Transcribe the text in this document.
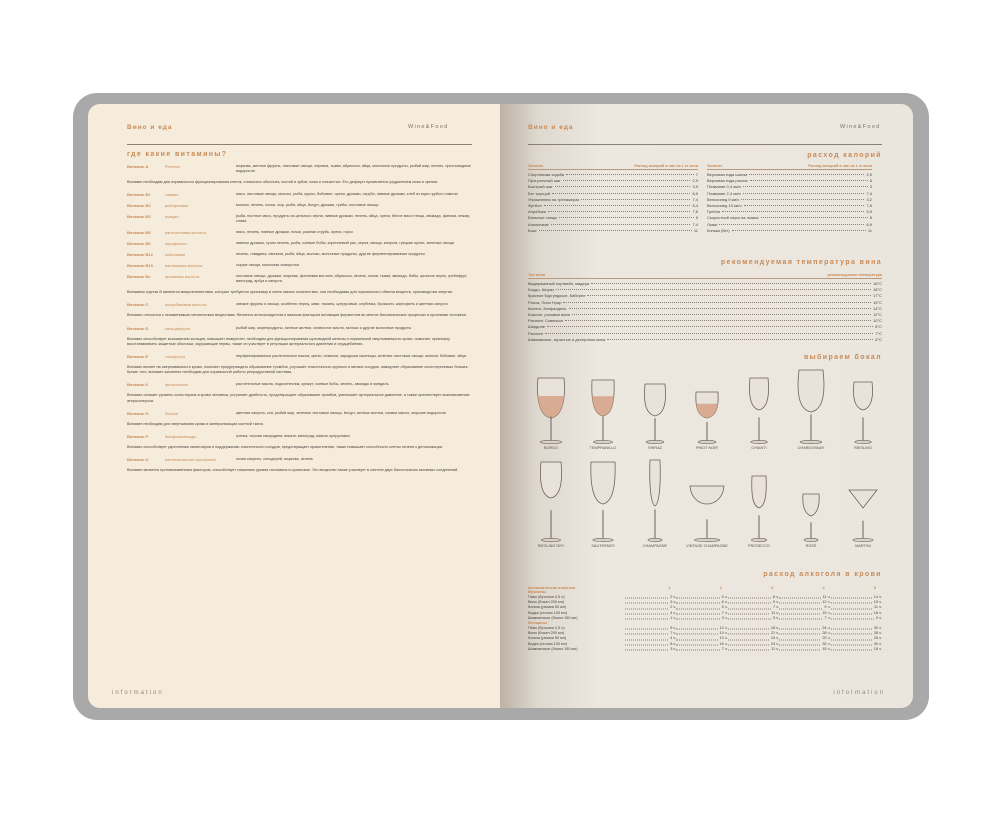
Вино и еда	Wine&Food
где какие витамины?
Витамин А	Ретинол	морковь, желтые фрукты, листовые овощи, черника, тыква, абрикосы, яйца, молочные продукты, рыбий жир, печень, пресноводные водоросли
Витамин необходим для нормального функционирования клеток, слизистых оболочек, костей и зубов, кожи и слизистых. Его дефицит проявляется ухудшением кожи и зрения.
Витамин В1	тиамин	мясо, листовые овощи, молоко, рыба, крупы, бобовые, орехи, дрожжи, отруби, пивные дрожжи, хлеб из муки грубого помола
Витамин В2	рибофлавин	молоко, печень, почки, сыр, рыба, яйца, йогурт, дрожжи, грибы, листовые овощи
Витамин В3	ниацин	рыба, постное мясо, продукты из цельного зерна, пивные дрожжи, печень, яйца, орехи, белое мясо птицы, авокадо, финики, инжир, слива
Витамин В5	пантотеновая кислота	мясо, печень, пивные дрожжи, почки, ржаная отрубь, орехи, горох
Витамин В6	пиридоксин	пивные дрожжи, сухая печень, рыба, соевые бобы, коричневый рис, зерна, овощи, капуста, грецкие орехи, зеленые овощи
Витамин В12	кобаламин	печень, говядина, свинина, рыба, яйца, молоко, молочные продукты, другие ферментированные продукты
Витамин В15	пангамовая кислота	сырые овощи, молочная сыворотка
Витамин Вс	фолиевая кислота	листовые овощи, дрожжи, морковь, фолиевая кислота, абрикосы, печень, почки, тыква, авокадо, бобы, цельное зерно, грейпфрут, виноград, арбуз и капуста
Витамины группы В являются микроэлементами, которые требуются организму в очень малых количествах, они необходимы для нормального обмена веществ, производства энергии.
Витамин С	аскорбиновая кислота	свежие фрукты и овощи, особенно перец, киви, томаты, цитрусовые, клубника, брокколи, картофель и цветная капуста
Витамин относится к незаменимым питательным веществам. Является антиоксидантом и важным фактором активации ферментов во многих биохимических процессах в организме человека.
Витамин D	кальциферол	рыбий жир, морепродукты, яичные желтки, сливочное масло, молоко и другие молочные продукты
Витамин способствует всасыванию кальция, повышает иммунитет, необходим для функционирования щитовидной железы и нормальной свертываемости крови, помогает организму восстанавливать защитные оболочки, окружающие нервы, также он участвует в регуляции артериального давления и сердцебиения.
Витамин Е	токоферол	нерафинированные растительные масла, орехи, семечки, зародыши пшеницы, зеленые листовые овощи, шпинат, бобовые, яйца
Витамин влияет на свертываемость крови, помогает предупреждать образование тромбов, улучшает эластичность крупных и мелких сосудов, замедляет образование холестериновых бляшек. Кроме того, витамин жизненно необходим для нормальной работы репродуктивной системы.
Витамин К	филлохинон	растительные масла, подсолнечник, кунжут, соевые бобы, зелень, авокадо и миндаль
Витамин снижает уровень холестерина в крови человека, устраняет дряблость, предотвращает образование тромбов, уменьшает артериальное давление, а также препятствует возникновению атеросклероза.
Витамин Н	биотин	цветная капуста, соя, рыбий жир, зеленые листовые овощи, йогурт, яичные желтки, сливки масло, морские водоросли
Витамин необходим для свертывания крови и минерализации костной ткани.
Витамин Р	биофлавоноиды	гречка, черная смородина, вишня, виноград, мякоть цитрусовых
Витамин способствует укреплению капилляров и поддержанию эластичности сосудов, предотвращает кровотечения, также повышает способность клеток печени к детоксикации.
Витамин U	метилметионин сульфоний	кочан капусты, сельдерей, морковь, зелень
Витамин является противоязвенным фактором, способствует снижению уровня гистамина в организме. Это вещество также участвует в синтезе двух биологически активных соединений.
information
Вино и еда	Wine&Food
расход калорий
Занятие	Расход калорий в час на 1 кг веса
Спортивная ходьба	7
Прогулочный шаг	2,9
Быстрый шаг	3,9
Бег трусцой	6,9
Упражнения на тренажерах	7,4
Футбол	6,4
Аэробика	7,6
Бальные танцы	5
Альпинизм	7,4
Бокс	11
Занятие	Расход калорий в час на 1 кг веса
Верховая езда шагом	2,5
Верховая езда рысью	6
Плавание 0,4 км/ч	3
Плавание 2,4 км/ч	7,4
Велосипед 9 км/ч	3,2
Велосипед 15 км/ч	7,5
Гребля	5,9
Скоростной спуск на лыжах	8
Лыжи	6,9
Коньки (бег)	11
рекомендуемая температура вина
Тип вина	рекомендуемая температура
Выдержанный портвейн, мадера	18°C
Бордо, Шираз	18°C
Красное Бургундское, Каберне	17°C
Риоха, Пино Нуар	15°C
Кьянти, Зинфандель	14°C
Божоле, розовые вина	12°C
Рислинг, Совиньон	10°C
Шардоне	8°C
Рислинг	7°C
Шампанское, игристые и десертные вина	6°C
выбираем бокал
BORDO	TEMPRANILLO	SHIRAZ	PINOT NOIR	CHIANTI	CHARDONNAY	RIESLING
RIESLING DRY	SAUTERNES	CHAMPAGNE	VINTAGE CHAMPAGNE	PROSECCO	ROSÉ	MARTINI
расход алкоголя в крови
вес/количество алкоголя	1	2	3	4	5
Мужчины
Пиво (бутылка 0,5 л)	2 ч.	5 ч.	8 ч.	11 ч.	14 ч.
Вино (бокал 200 мл)	3 ч.	6 ч.	9 ч.	12 ч.	15 ч.
Коньяк (рюмка 50 мл)	2 ч.	5 ч.	7 ч.	9 ч.	11 ч.
Водка (стопка 100 мл)	4 ч.	7 ч.	11 ч.	15 ч.	18 ч.
Шампанское (бокал 150 мл)	1 ч.	3 ч.	5 ч.	7 ч.	9 ч.
Женщины
Пиво (бутылка 0,5 л)	5 ч.	12 ч.	18 ч.	24 ч.	30 ч.
Вино (бокал 200 мл)	7 ч.	14 ч.	21 ч.	28 ч.	35 ч.
Коньяк (рюмка 50 мл)	4 ч.	10 ч.	15 ч.	20 ч.	25 ч.
Водка (стопка 100 мл)	8 ч.	16 ч.	24 ч.	32 ч.	40 ч.
Шампанское (бокал 150 мл)	3 ч.	7 ч.	11 ч.	15 ч.	18 ч.
information
